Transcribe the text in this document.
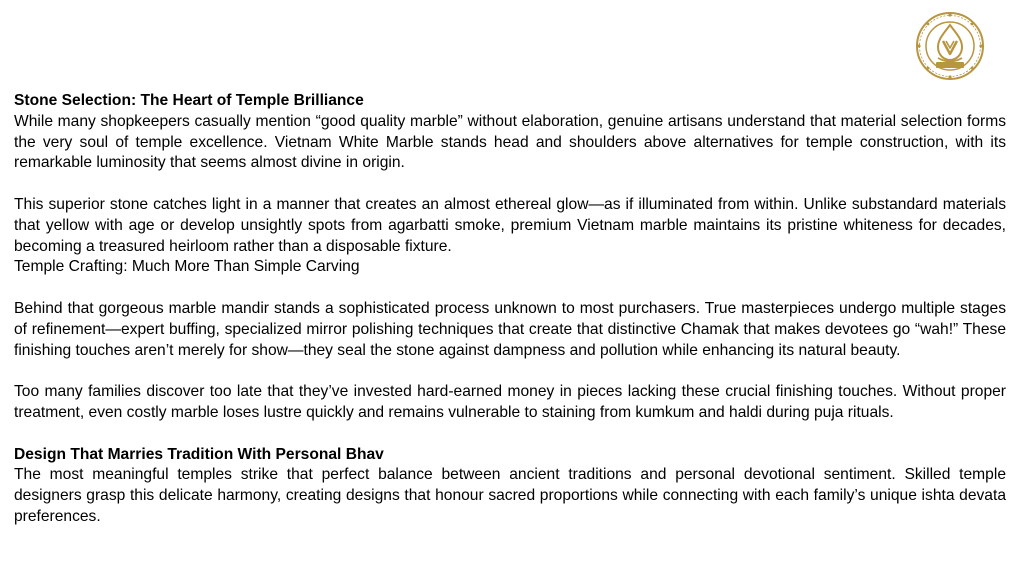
Stone Selection: The Heart of Temple Brilliance

While many shopkeepers casually mention “good quality marble” without elaboration, genuine artisans understand that material selection forms the very soul of temple excellence. Vietnam White Marble stands head and shoulders above alternatives for temple construction, with its remarkable luminosity that seems almost divine in origin.

This superior stone catches light in a manner that creates an almost ethereal glow—as if illuminated from within. Unlike substandard materials that yellow with age or develop unsightly spots from agarbatti smoke, premium Vietnam marble maintains its pristine whiteness for decades, becoming a treasured heirloom rather than a disposable fixture.

Temple Crafting: Much More Than Simple Carving

Behind that gorgeous marble mandir stands a sophisticated process unknown to most purchasers. True masterpieces undergo multiple stages of refinement—expert buffing, specialized mirror polishing techniques that create that distinctive Chamak that makes devotees go “wah!” These finishing touches aren’t merely for show—they seal the stone against dampness and pollution while enhancing its natural beauty.

Too many families discover too late that they’ve invested hard-earned money in pieces lacking these crucial finishing touches. Without proper treatment, even costly marble loses lustre quickly and remains vulnerable to staining from kumkum and haldi during puja rituals.

Design That Marries Tradition With Personal Bhav

The most meaningful temples strike that perfect balance between ancient traditions and personal devotional sentiment. Skilled temple designers grasp this delicate harmony, creating designs that honour sacred proportions while connecting with each family’s unique ishta devata preferences.
